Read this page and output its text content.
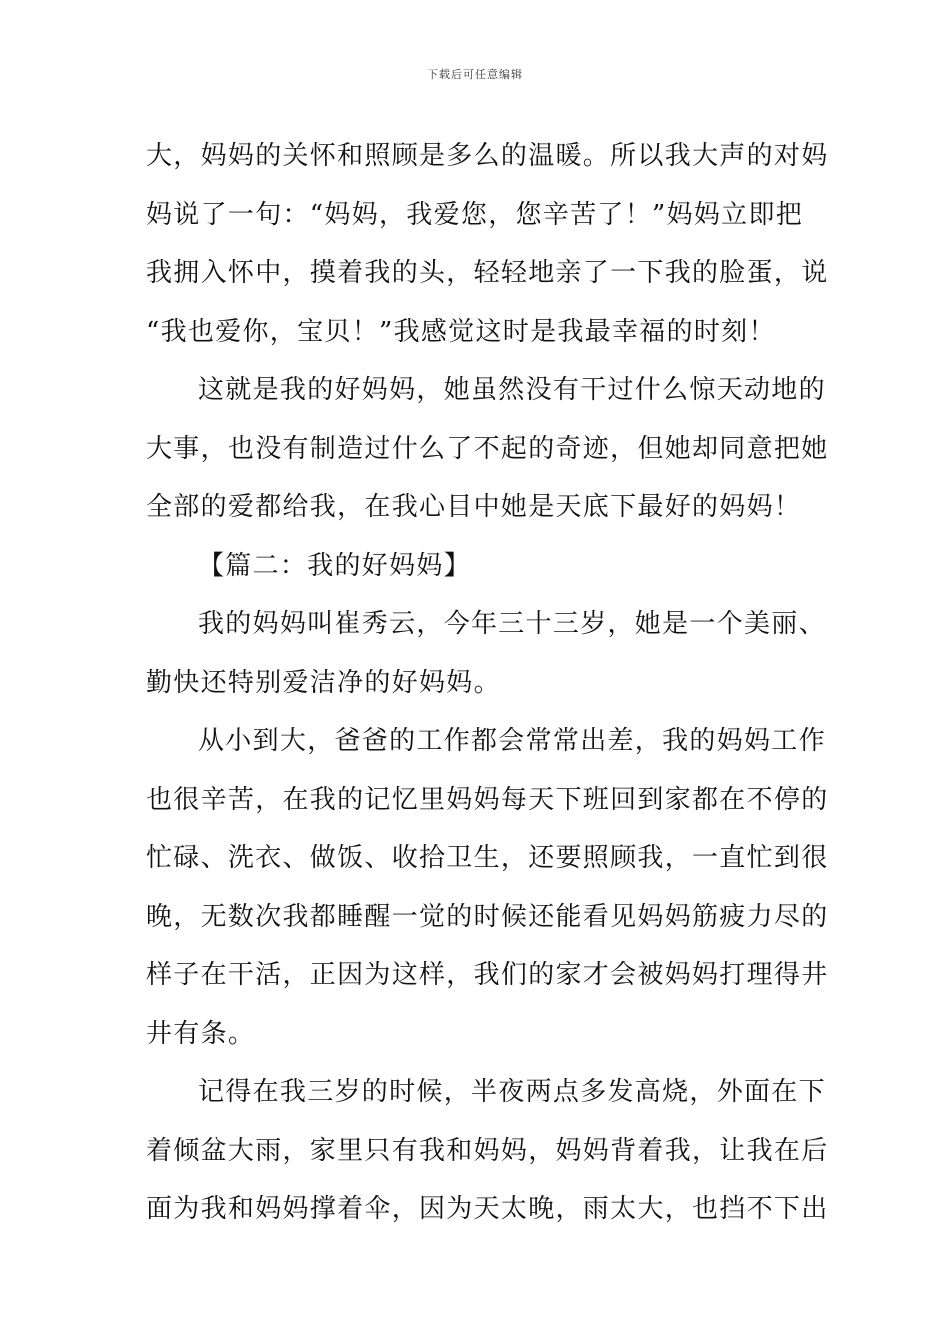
下载后可任意编辑
大，妈妈的关怀和照顾是多么的温暖。所以我大声的对妈
妈说了一句：“妈妈，我爱您，您辛苦了！”妈妈立即把
我拥入怀中，摸着我的头，轻轻地亲了一下我的脸蛋，说
“我也爱你，宝贝！”我感觉这时是我最幸福的时刻！
这就是我的好妈妈，她虽然没有干过什么惊天动地的
大事，也没有制造过什么了不起的奇迹，但她却同意把她
全部的爱都给我，在我心目中她是天底下最好的妈妈！
【篇二：我的好妈妈】
我的妈妈叫崔秀云，今年三十三岁，她是一个美丽、
勤快还特别爱洁净的好妈妈。
从小到大，爸爸的工作都会常常出差，我的妈妈工作
也很辛苦，在我的记忆里妈妈每天下班回到家都在不停的
忙碌、洗衣、做饭、收拾卫生，还要照顾我，一直忙到很
晚，无数次我都睡醒一觉的时候还能看见妈妈筋疲力尽的
样子在干活，正因为这样，我们的家才会被妈妈打理得井
井有条。
记得在我三岁的时候，半夜两点多发高烧，外面在下
着倾盆大雨，家里只有我和妈妈，妈妈背着我，让我在后
面为我和妈妈撑着伞，因为天太晚，雨太大，也挡不下出
